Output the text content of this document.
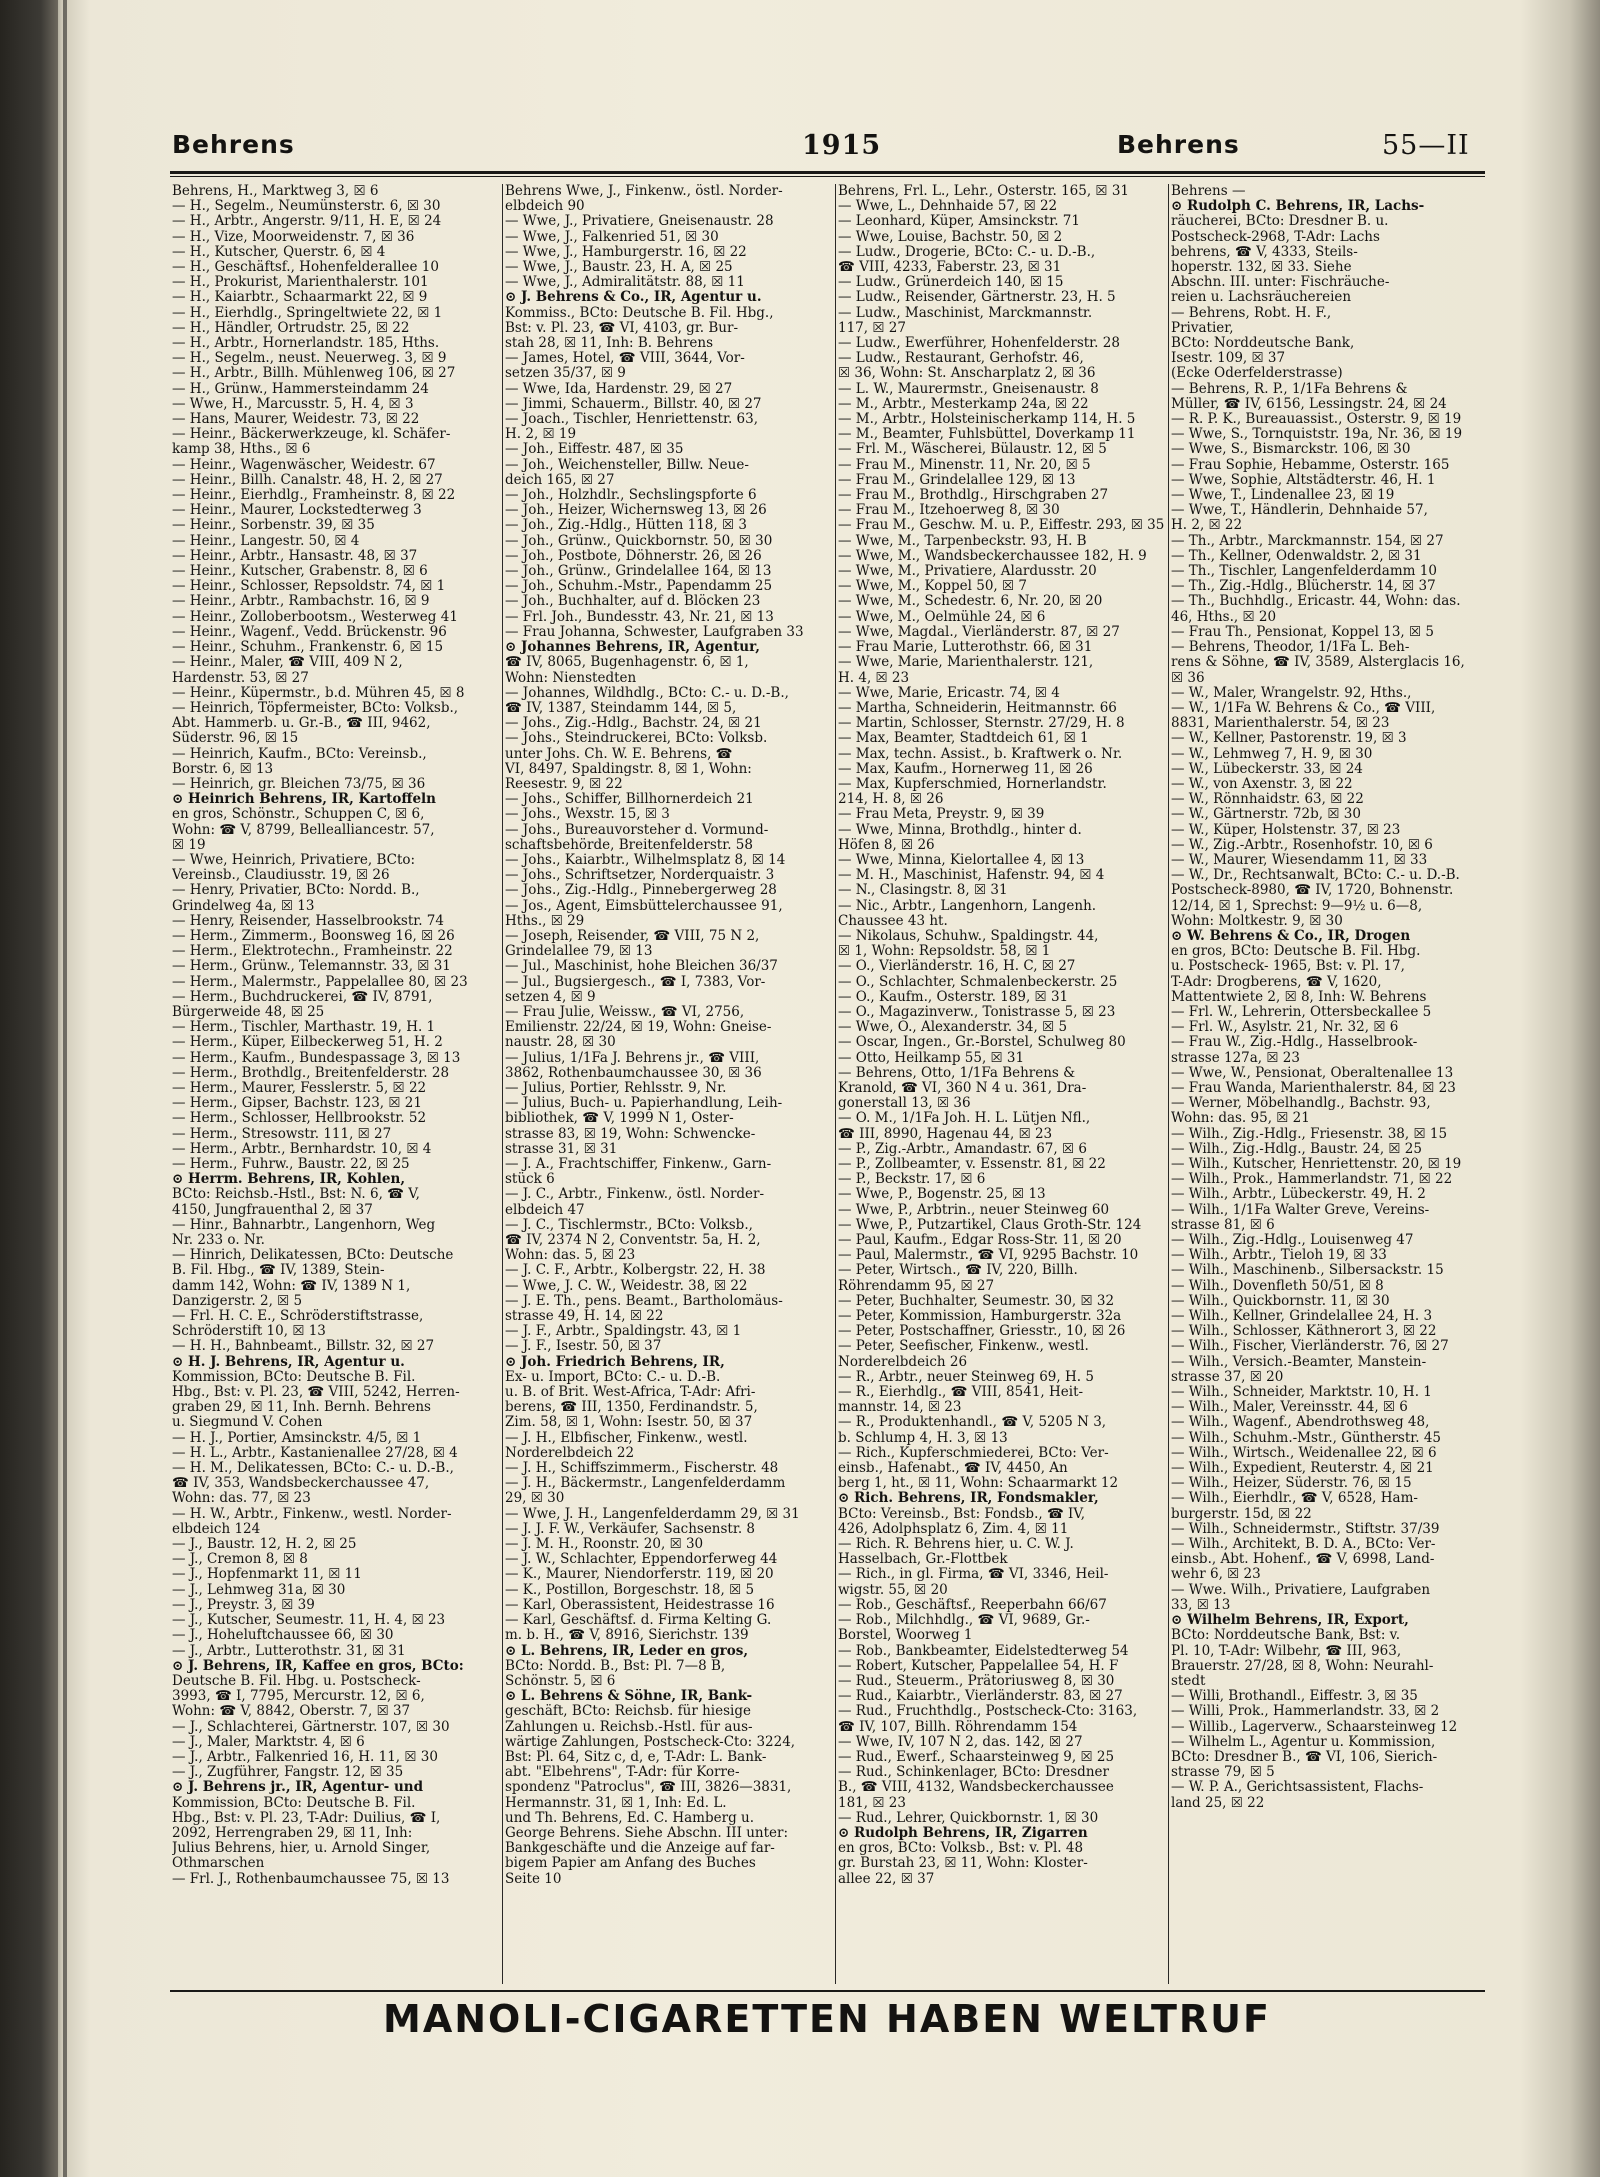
Behrens	1915	Behrens	55—II
Behrens, H., Marktweg 3, ☒ 6
— H., Segelm., Neumünsterstr. 6, ☒ 30
— H., Arbtr., Angerstr. 9/11, H. E, ☒ 24
— H., Vize, Moorweidenstr. 7, ☒ 36
— H., Kutscher, Querstr. 6, ☒ 4
— H., Geschäftsf., Hohenfelderallee 10
— H., Prokurist, Marienthalerstr. 101
— H., Kaiarbtr., Schaarmarkt 22, ☒ 9
— H., Eierhdlg., Springeltwiete 22, ☒ 1
— H., Händler, Ortrudstr. 25, ☒ 22
— H., Arbtr., Hornerlandstr. 185, Hths.
— H., Segelm., neust. Neuerweg. 3, ☒ 9
— H., Arbtr., Billh. Mühlenweg 106, ☒ 27
— H., Grünw., Hammersteindamm 24
— Wwe, H., Marcusstr. 5, H. 4, ☒ 3
— Hans, Maurer, Weidestr. 73, ☒ 22
— Heinr., Bäckerwerkzeuge, kl. Schäfer-
kamp 38, Hths., ☒ 6
— Heinr., Wagenwäscher, Weidestr. 67
— Heinr., Billh. Canalstr. 48, H. 2, ☒ 27
— Heinr., Eierhdlg., Framheinstr. 8, ☒ 22
— Heinr., Maurer, Lockstedterweg 3
— Heinr., Sorbenstr. 39, ☒ 35
— Heinr., Langestr. 50, ☒ 4
— Heinr., Arbtr., Hansastr. 48, ☒ 37
— Heinr., Kutscher, Grabenstr. 8, ☒ 6
— Heinr., Schlosser, Repsoldstr. 74, ☒ 1
— Heinr., Arbtr., Rambachstr. 16, ☒ 9
— Heinr., Zolloberbootsm., Westerweg 41
— Heinr., Wagenf., Vedd. Brückenstr. 96
— Heinr., Schuhm., Frankenstr. 6, ☒ 15
— Heinr., Maler, ☎ VIII, 409 N 2,
Hardenstr. 53, ☒ 27
— Heinr., Küpermstr., b.d. Mühren 45, ☒ 8
— Heinrich, Töpfermeister, BCto: Volksb.,
Abt. Hammerb. u. Gr.-B., ☎ III, 9462,
Süderstr. 96, ☒ 15
— Heinrich, Kaufm., BCto: Vereinsb.,
Borstr. 6, ☒ 13
— Heinrich, gr. Bleichen 73/75, ☒ 36
⊙ Heinrich Behrens, IR, Kartoffeln
en gros, Schönstr., Schuppen C, ☒ 6,
Wohn: ☎ V, 8799, Bellealliancestr. 57,
☒ 19
— Wwe, Heinrich, Privatiere, BCto:
Vereinsb., Claudiusstr. 19, ☒ 26
— Henry, Privatier, BCto: Nordd. B.,
Grindelweg 4a, ☒ 13
— Henry, Reisender, Hasselbrookstr. 74
— Herm., Zimmerm., Boonsweg 16, ☒ 26
— Herm., Elektrotechn., Framheinstr. 22
— Herm., Grünw., Telemannstr. 33, ☒ 31
— Herm., Malermstr., Pappelallee 80, ☒ 23
— Herm., Buchdruckerei, ☎ IV, 8791,
Bürgerweide 48, ☒ 25
— Herm., Tischler, Marthastr. 19, H. 1
— Herm., Küper, Eilbeckerweg 51, H. 2
— Herm., Kaufm., Bundespassage 3, ☒ 13
— Herm., Brothdlg., Breitenfelderstr. 28
— Herm., Maurer, Fesslerstr. 5, ☒ 22
— Herm., Gipser, Bachstr. 123, ☒ 21
— Herm., Schlosser, Hellbrookstr. 52
— Herm., Stresowstr. 111, ☒ 27
— Herm., Arbtr., Bernhardstr. 10, ☒ 4
— Herm., Fuhrw., Baustr. 22, ☒ 25
⊙ Herrm. Behrens, IR, Kohlen,
BCto: Reichsb.-Hstl., Bst: N. 6, ☎ V,
4150, Jungfrauenthal 2, ☒ 37
— Hinr., Bahnarbtr., Langenhorn, Weg
Nr. 233 o. Nr.
— Hinrich, Delikatessen, BCto: Deutsche
B. Fil. Hbg., ☎ IV, 1389, Stein-
damm 142, Wohn: ☎ IV, 1389 N 1,
Danzigerstr. 2, ☒ 5
— Frl. H. C. E., Schröderstiftstrasse,
Schröderstift 10, ☒ 13
— H. H., Bahnbeamt., Billstr. 32, ☒ 27
⊙ H. J. Behrens, IR, Agentur u.
Kommission, BCto: Deutsche B. Fil.
Hbg., Bst: v. Pl. 23, ☎ VIII, 5242, Herren-
graben 29, ☒ 11, Inh. Bernh. Behrens
u. Siegmund V. Cohen
— H. J., Portier, Amsinckstr. 4/5, ☒ 1
— H. L., Arbtr., Kastanienallee 27/28, ☒ 4
— H. M., Delikatessen, BCto: C.- u. D.-B.,
☎ IV, 353, Wandsbeckerchaussee 47,
Wohn: das. 77, ☒ 23
— H. W., Arbtr., Finkenw., westl. Norder-
elbdeich 124
— J., Baustr. 12, H. 2, ☒ 25
— J., Cremon 8, ☒ 8
— J., Hopfenmarkt 11, ☒ 11
— J., Lehmweg 31a, ☒ 30
— J., Preystr. 3, ☒ 39
— J., Kutscher, Seumestr. 11, H. 4, ☒ 23
— J., Hoheluftchaussee 66, ☒ 30
— J., Arbtr., Lutterothstr. 31, ☒ 31
⊙ J. Behrens, IR, Kaffee en gros, BCto:
Deutsche B. Fil. Hbg. u. Postscheck-
3993, ☎ I, 7795, Mercurstr. 12, ☒ 6,
Wohn: ☎ V, 8842, Oberstr. 7, ☒ 37
— J., Schlachterei, Gärtnerstr. 107, ☒ 30
— J., Maler, Marktstr. 4, ☒ 6
— J., Arbtr., Falkenried 16, H. 11, ☒ 30
— J., Zugführer, Fangstr. 12, ☒ 35
⊙ J. Behrens jr., IR, Agentur- und
Kommission, BCto: Deutsche B. Fil.
Hbg., Bst: v. Pl. 23, T-Adr: Duilius, ☎ I,
2092, Herrengraben 29, ☒ 11, Inh:
Julius Behrens, hier, u. Arnold Singer,
Othmarschen
— Frl. J., Rothenbaumchaussee 75, ☒ 13
Behrens Wwe, J., Finkenw., östl. Norder-
elbdeich 90
— Wwe, J., Privatiere, Gneisenaustr. 28
— Wwe, J., Falkenried 51, ☒ 30
— Wwe, J., Hamburgerstr. 16, ☒ 22
— Wwe, J., Baustr. 23, H. A, ☒ 25
— Wwe, J., Admiralitätstr. 88, ☒ 11
⊙ J. Behrens & Co., IR, Agentur u.
Kommiss., BCto: Deutsche B. Fil. Hbg.,
Bst: v. Pl. 23, ☎ VI, 4103, gr. Bur-
stah 28, ☒ 11, Inh: B. Behrens
— James, Hotel, ☎ VIII, 3644, Vor-
setzen 35/37, ☒ 9
— Wwe, Ida, Hardenstr. 29, ☒ 27
— Jimmi, Schauerm., Billstr. 40, ☒ 27
— Joach., Tischler, Henriettenstr. 63,
H. 2, ☒ 19
— Joh., Eiffestr. 487, ☒ 35
— Joh., Weichensteller, Billw. Neue-
deich 165, ☒ 27
— Joh., Holzhdlr., Sechslingspforte 6
— Joh., Heizer, Wichernsweg 13, ☒ 26
— Joh., Zig.-Hdlg., Hütten 118, ☒ 3
— Joh., Grünw., Quickbornstr. 50, ☒ 30
— Joh., Postbote, Döhnerstr. 26, ☒ 26
— Joh., Grünw., Grindelallee 164, ☒ 13
— Joh., Schuhm.-Mstr., Papendamm 25
— Joh., Buchhalter, auf d. Blöcken 23
— Frl. Joh., Bundesstr. 43, Nr. 21, ☒ 13
— Frau Johanna, Schwester, Laufgraben 33
⊙ Johannes Behrens, IR, Agentur,
☎ IV, 8065, Bugenhagenstr. 6, ☒ 1,
Wohn: Nienstedten
— Johannes, Wildhdlg., BCto: C.- u. D.-B.,
☎ IV, 1387, Steindamm 144, ☒ 5,
— Johs., Zig.-Hdlg., Bachstr. 24, ☒ 21
— Johs., Steindruckerei, BCto: Volksb.
unter Johs. Ch. W. E. Behrens, ☎
VI, 8497, Spaldingstr. 8, ☒ 1, Wohn:
Reesestr. 9, ☒ 22
— Johs., Schiffer, Billhornerdeich 21
— Johs., Wexstr. 15, ☒ 3
— Johs., Bureauvorsteher d. Vormund-
schaftsbehörde, Breitenfelderstr. 58
— Johs., Kaiarbtr., Wilhelmsplatz 8, ☒ 14
— Johs., Schriftsetzer, Norderquaistr. 3
— Johs., Zig.-Hdlg., Pinnebergerweg 28
— Jos., Agent, Eimsbüttelerchaussee 91,
Hths., ☒ 29
— Joseph, Reisender, ☎ VIII, 75 N 2,
Grindelallee 79, ☒ 13
— Jul., Maschinist, hohe Bleichen 36/37
— Jul., Bugsiergesch., ☎ I, 7383, Vor-
setzen 4, ☒ 9
— Frau Julie, Weissw., ☎ VI, 2756,
Emilienstr. 22/24, ☒ 19, Wohn: Gneise-
naustr. 28, ☒ 30
— Julius, 1/1Fa J. Behrens jr., ☎ VIII,
3862, Rothenbaumchaussee 30, ☒ 36
— Julius, Portier, Rehlsstr. 9, Nr.
— Julius, Buch- u. Papierhandlung, Leih-
bibliothek, ☎ V, 1999 N 1, Oster-
strasse 83, ☒ 19, Wohn: Schwencke-
strasse 31, ☒ 31
— J. A., Frachtschiffer, Finkenw., Garn-
stück 6
— J. C., Arbtr., Finkenw., östl. Norder-
elbdeich 47
— J. C., Tischlermstr., BCto: Volksb.,
☎ IV, 2374 N 2, Conventstr. 5a, H. 2,
Wohn: das. 5, ☒ 23
— J. C. F., Arbtr., Kolbergstr. 22, H. 38
— Wwe, J. C. W., Weidestr. 38, ☒ 22
— J. E. Th., pens. Beamt., Bartholomäus-
strasse 49, H. 14, ☒ 22
— J. F., Arbtr., Spaldingstr. 43, ☒ 1
— J. F., Isestr. 50, ☒ 37
⊙ Joh. Friedrich Behrens, IR,
Ex- u. Import, BCto: C.- u. D.-B.
u. B. of Brit. West-Africa, T-Adr: Afri-
berens, ☎ III, 1350, Ferdinandstr. 5,
Zim. 58, ☒ 1, Wohn: Isestr. 50, ☒ 37
— J. H., Elbfischer, Finkenw., westl.
Norderelbdeich 22
— J. H., Schiffszimmerm., Fischerstr. 48
— J. H., Bäckermstr., Langenfelderdamm
29, ☒ 30
— Wwe, J. H., Langenfelderdamm 29, ☒ 31
— J. J. F. W., Verkäufer, Sachsenstr. 8
— J. M. H., Roonstr. 20, ☒ 30
— J. W., Schlachter, Eppendorferweg 44
— K., Maurer, Niendorferstr. 119, ☒ 20
— K., Postillon, Borgeschstr. 18, ☒ 5
— Karl, Oberassistent, Heidestrasse 16
— Karl, Geschäftsf. d. Firma Kelting G.
m. b. H., ☎ V, 8916, Sierichstr. 139
⊙ L. Behrens, IR, Leder en gros,
BCto: Nordd. B., Bst: Pl. 7—8 B,
Schönstr. 5, ☒ 6
⊙ L. Behrens & Söhne, IR, Bank-
geschäft, BCto: Reichsb. für hiesige
Zahlungen u. Reichsb.-Hstl. für aus-
wärtige Zahlungen, Postscheck-Cto: 3224,
Bst: Pl. 64, Sitz c, d, e, T-Adr: L. Bank-
abt. "Elbehrens", T-Adr: für Korre-
spondenz "Patroclus", ☎ III, 3826—3831,
Hermannstr. 31, ☒ 1, Inh: Ed. L.
und Th. Behrens, Ed. C. Hamberg u.
George Behrens. Siehe Abschn. III unter:
Bankgeschäfte und die Anzeige auf far-
bigem Papier am Anfang des Buches
Seite 10
Behrens, Frl. L., Lehr., Osterstr. 165, ☒ 31
— Wwe, L., Dehnhaide 57, ☒ 22
— Leonhard, Küper, Amsinckstr. 71
— Wwe, Louise, Bachstr. 50, ☒ 2
— Ludw., Drogerie, BCto: C.- u. D.-B.,
☎ VIII, 4233, Faberstr. 23, ☒ 31
— Ludw., Grünerdeich 140, ☒ 15
— Ludw., Reisender, Gärtnerstr. 23, H. 5
— Ludw., Maschinist, Marckmannstr.
117, ☒ 27
— Ludw., Ewerführer, Hohenfelderstr. 28
— Ludw., Restaurant, Gerhofstr. 46,
☒ 36, Wohn: St. Anscharplatz 2, ☒ 36
— L. W., Maurermstr., Gneisenaustr. 8
— M., Arbtr., Mesterkamp 24a, ☒ 22
— M., Arbtr., Holsteinischerkamp 114, H. 5
— M., Beamter, Fuhlsbüttel, Doverkamp 11
— Frl. M., Wäscherei, Bülaustr. 12, ☒ 5
— Frau M., Minenstr. 11, Nr. 20, ☒ 5
— Frau M., Grindelallee 129, ☒ 13
— Frau M., Brothdlg., Hirschgraben 27
— Frau M., Itzehoerweg 8, ☒ 30
— Frau M., Geschw. M. u. P., Eiffestr. 293, ☒ 35
— Wwe, M., Tarpenbeckstr. 93, H. B
— Wwe, M., Wandsbeckerchaussee 182, H. 9
— Wwe, M., Privatiere, Alardusstr. 20
— Wwe, M., Koppel 50, ☒ 7
— Wwe, M., Schedestr. 6, Nr. 20, ☒ 20
— Wwe, M., Oelmühle 24, ☒ 6
— Wwe, Magdal., Vierländerstr. 87, ☒ 27
— Frau Marie, Lutterothstr. 66, ☒ 31
— Wwe, Marie, Marienthalerstr. 121,
H. 4, ☒ 23
— Wwe, Marie, Ericastr. 74, ☒ 4
— Martha, Schneiderin, Heitmannstr. 66
— Martin, Schlosser, Sternstr. 27/29, H. 8
— Max, Beamter, Stadtdeich 61, ☒ 1
— Max, techn. Assist., b. Kraftwerk o. Nr.
— Max, Kaufm., Hornerweg 11, ☒ 26
— Max, Kupferschmied, Hornerlandstr.
214, H. 8, ☒ 26
— Frau Meta, Preystr. 9, ☒ 39
— Wwe, Minna, Brothdlg., hinter d.
Höfen 8, ☒ 26
— Wwe, Minna, Kielortallee 4, ☒ 13
— M. H., Maschinist, Hafenstr. 94, ☒ 4
— N., Clasingstr. 8, ☒ 31
— Nic., Arbtr., Langenhorn, Langenh.
Chaussee 43 ht.
— Nikolaus, Schuhw., Spaldingstr. 44,
☒ 1, Wohn: Repsoldstr. 58, ☒ 1
— O., Vierländerstr. 16, H. C, ☒ 27
— O., Schlachter, Schmalenbeckerstr. 25
— O., Kaufm., Osterstr. 189, ☒ 31
— O., Magazinverw., Tonistrasse 5, ☒ 23
— Wwe, O., Alexanderstr. 34, ☒ 5
— Oscar, Ingen., Gr.-Borstel, Schulweg 80
— Otto, Heilkamp 55, ☒ 31
— Behrens, Otto, 1/1Fa Behrens &
Kranold, ☎ VI, 360 N 4 u. 361, Dra-
gonerstall 13, ☒ 36
— O. M., 1/1Fa Joh. H. L. Lütjen Nfl.,
☎ III, 8990, Hagenau 44, ☒ 23
— P., Zig.-Arbtr., Amandastr. 67, ☒ 6
— P., Zollbeamter, v. Essenstr. 81, ☒ 22
— P., Beckstr. 17, ☒ 6
— Wwe, P., Bogenstr. 25, ☒ 13
— Wwe, P., Arbtrin., neuer Steinweg 60
— Wwe, P., Putzartikel, Claus Groth-Str. 124
— Paul, Kaufm., Edgar Ross-Str. 11, ☒ 20
— Paul, Malermstr., ☎ VI, 9295 Bachstr. 10
— Peter, Wirtsch., ☎ IV, 220, Billh.
Röhrendamm 95, ☒ 27
— Peter, Buchhalter, Seumestr. 30, ☒ 32
— Peter, Kommission, Hamburgerstr. 32a
— Peter, Postschaffner, Griesstr., 10, ☒ 26
— Peter, Seefischer, Finkenw., westl.
Norderelbdeich 26
— R., Arbtr., neuer Steinweg 69, H. 5
— R., Eierhdlg., ☎ VIII, 8541, Heit-
mannstr. 14, ☒ 23
— R., Produktenhandl., ☎ V, 5205 N 3,
b. Schlump 4, H. 3, ☒ 13
— Rich., Kupferschmiederei, BCto: Ver-
einsb., Hafenabt., ☎ IV, 4450, An
berg 1, ht., ☒ 11, Wohn: Schaarmarkt 12
⊙ Rich. Behrens, IR, Fondsmakler,
BCto: Vereinsb., Bst: Fondsb., ☎ IV,
426, Adolphsplatz 6, Zim. 4, ☒ 11
— Rich. R. Behrens hier, u. C. W. J.
Hasselbach, Gr.-Flottbek
— Rich., in gl. Firma, ☎ VI, 3346, Heil-
wigstr. 55, ☒ 20
— Rob., Geschäftsf., Reeperbahn 66/67
— Rob., Milchhdlg., ☎ VI, 9689, Gr.-
Borstel, Woorweg 1
— Rob., Bankbeamter, Eidelstedterweg 54
— Robert, Kutscher, Pappelallee 54, H. F
— Rud., Steuerm., Prätoriusweg 8, ☒ 30
— Rud., Kaiarbtr., Vierländerstr. 83, ☒ 27
— Rud., Fruchthdlg., Postscheck-Cto: 3163,
☎ IV, 107, Billh. Röhrendamm 154
— Wwe, IV, 107 N 2, das. 142, ☒ 27
— Rud., Ewerf., Schaarsteinweg 9, ☒ 25
— Rud., Schinkenlager, BCto: Dresdner
B., ☎ VIII, 4132, Wandsbeckerchaussee
181, ☒ 23
— Rud., Lehrer, Quickbornstr. 1, ☒ 30
⊙ Rudolph Behrens, IR, Zigarren
en gros, BCto: Volksb., Bst: v. Pl. 48
gr. Burstah 23, ☒ 11, Wohn: Kloster-
allee 22, ☒ 37
Behrens —
⊙ Rudolph C. Behrens, IR, Lachs-
räucherei, BCto: Dresdner B. u.
Postscheck-2968, T-Adr: Lachs
behrens, ☎ V, 4333, Steils-
hoperstr. 132, ☒ 33. Siehe
Abschn. III. unter: Fischräuche-
reien u. Lachsräuchereien
— Behrens, Robt. H. F.,
Privatier,
BCto: Norddeutsche Bank,
Isestr. 109, ☒ 37
(Ecke Oderfelderstrasse)
— Behrens, R. P., 1/1Fa Behrens &
Müller, ☎ IV, 6156, Lessingstr. 24, ☒ 24
— R. P. K., Bureauassist., Osterstr. 9, ☒ 19
— Wwe, S., Tornquiststr. 19a, Nr. 36, ☒ 19
— Wwe, S., Bismarckstr. 106, ☒ 30
— Frau Sophie, Hebamme, Osterstr. 165
— Wwe, Sophie, Altstädterstr. 46, H. 1
— Wwe, T., Lindenallee 23, ☒ 19
— Wwe, T., Händlerin, Dehnhaide 57,
H. 2, ☒ 22
— Th., Arbtr., Marckmannstr. 154, ☒ 27
— Th., Kellner, Odenwaldstr. 2, ☒ 31
— Th., Tischler, Langenfelderdamm 10
— Th., Zig.-Hdlg., Blücherstr. 14, ☒ 37
— Th., Buchhdlg., Ericastr. 44, Wohn: das.
46, Hths., ☒ 20
— Frau Th., Pensionat, Koppel 13, ☒ 5
— Behrens, Theodor, 1/1Fa L. Beh-
rens & Söhne, ☎ IV, 3589, Alsterglacis 16,
☒ 36
— W., Maler, Wrangelstr. 92, Hths.,
— W., 1/1Fa W. Behrens & Co., ☎ VIII,
8831, Marienthalerstr. 54, ☒ 23
— W., Kellner, Pastorenstr. 19, ☒ 3
— W., Lehmweg 7, H. 9, ☒ 30
— W., Lübeckerstr. 33, ☒ 24
— W., von Axenstr. 3, ☒ 22
— W., Rönnhaidstr. 63, ☒ 22
— W., Gärtnerstr. 72b, ☒ 30
— W., Küper, Holstenstr. 37, ☒ 23
— W., Zig.-Arbtr., Rosenhofstr. 10, ☒ 6
— W., Maurer, Wiesendamm 11, ☒ 33
— W., Dr., Rechtsanwalt, BCto: C.- u. D.-B.
Postscheck-8980, ☎ IV, 1720, Bohnenstr.
12/14, ☒ 1, Sprechst: 9—9½ u. 6—8,
Wohn: Moltkestr. 9, ☒ 30
⊙ W. Behrens & Co., IR, Drogen
en gros, BCto: Deutsche B. Fil. Hbg.
u. Postscheck- 1965, Bst: v. Pl. 17,
T-Adr: Drogberens, ☎ V, 1620,
Mattentwiete 2, ☒ 8, Inh: W. Behrens
— Frl. W., Lehrerin, Ottersbeckallee 5
— Frl. W., Asylstr. 21, Nr. 32, ☒ 6
— Frau W., Zig.-Hdlg., Hasselbrook-
strasse 127a, ☒ 23
— Wwe, W., Pensionat, Oberaltenallee 13
— Frau Wanda, Marienthalerstr. 84, ☒ 23
— Werner, Möbelhandlg., Bachstr. 93,
Wohn: das. 95, ☒ 21
— Wilh., Zig.-Hdlg., Friesenstr. 38, ☒ 15
— Wilh., Zig.-Hdlg., Baustr. 24, ☒ 25
— Wilh., Kutscher, Henriettenstr. 20, ☒ 19
— Wilh., Prok., Hammerlandstr. 71, ☒ 22
— Wilh., Arbtr., Lübeckerstr. 49, H. 2
— Wilh., 1/1Fa Walter Greve, Vereins-
strasse 81, ☒ 6
— Wilh., Zig.-Hdlg., Louisenweg 47
— Wilh., Arbtr., Tieloh 19, ☒ 33
— Wilh., Maschinenb., Silbersackstr. 15
— Wilh., Dovenfleth 50/51, ☒ 8
— Wilh., Quickbornstr. 11, ☒ 30
— Wilh., Kellner, Grindelallee 24, H. 3
— Wilh., Schlosser, Käthnerort 3, ☒ 22
— Wilh., Fischer, Vierländerstr. 76, ☒ 27
— Wilh., Versich.-Beamter, Manstein-
strasse 37, ☒ 20
— Wilh., Schneider, Marktstr. 10, H. 1
— Wilh., Maler, Vereinsstr. 44, ☒ 6
— Wilh., Wagenf., Abendrothsweg 48,
— Wilh., Schuhm.-Mstr., Güntherstr. 45
— Wilh., Wirtsch., Weidenallee 22, ☒ 6
— Wilh., Expedient, Reuterstr. 4, ☒ 21
— Wilh., Heizer, Süderstr. 76, ☒ 15
— Wilh., Eierhdlr., ☎ V, 6528, Ham-
burgerstr. 15d, ☒ 22
— Wilh., Schneidermstr., Stiftstr. 37/39
— Wilh., Architekt, B. D. A., BCto: Ver-
einsb., Abt. Hohenf., ☎ V, 6998, Land-
wehr 6, ☒ 23
— Wwe. Wilh., Privatiere, Laufgraben
33, ☒ 13
⊙ Wilhelm Behrens, IR, Export,
BCto: Norddeutsche Bank, Bst: v.
Pl. 10, T-Adr: Wilbehr, ☎ III, 963,
Brauerstr. 27/28, ☒ 8, Wohn: Neurahl-
stedt
— Willi, Brothandl., Eiffestr. 3, ☒ 35
— Willi, Prok., Hammerlandstr. 33, ☒ 2
— Willib., Lagerverw., Schaarsteinweg 12
— Wilhelm L., Agentur u. Kommission,
BCto: Dresdner B., ☎ VI, 106, Sierich-
strasse 79, ☒ 5
— W. P. A., Gerichtsassistent, Flachs-
land 25, ☒ 22
MANOLI-CIGARETTEN HABEN WELTRUF
